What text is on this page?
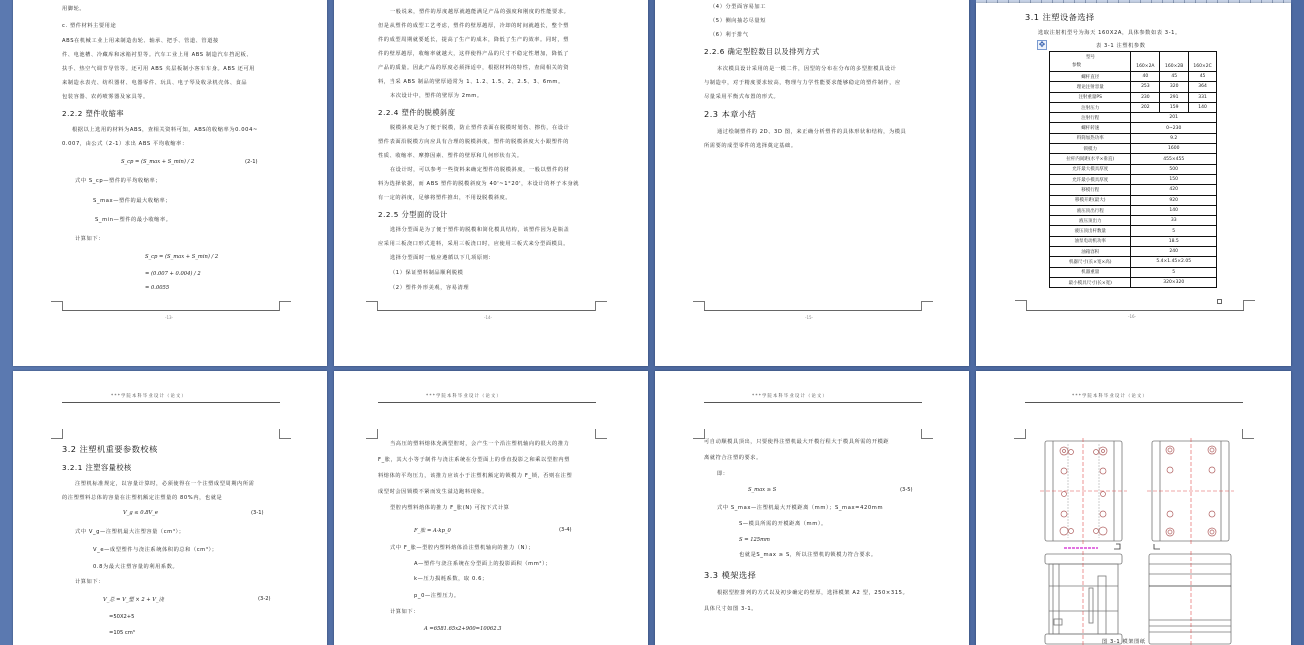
用脚轮。
c. 塑件材料主要用途
ABS在机械工业上用来制造齿轮、轴承、把手、管道、管道接
件、电池槽、冷藏库和冰箱衬里等。汽车工业上用 ABS 制造汽车挡泥板、
扶手、热空气调节导管等。还可用 ABS 夹层板制小客车车身。ABS 还可用
来制造水表壳、纺织器材、电器零件、玩具、电子琴及收录机壳体、食品
包装容器、农药喷雾器及家具等。
2.2.2 塑件收缩率
根据以上选用的材料为ABS，查相关资料可知，ABS的收缩率为0.004~
0.007，由公式（2-1）求出 ABS 平均收缩率：
S_cp = (S_max + S_min) / 2	(2-1)
式中 S_cp—塑件的平均收缩率；
S_max—塑件的最大收缩率；
S_min—塑件的最小收缩率。
计算如下：
S_cp = (S_max + S_min) / 2
= (0.007 + 0.004) / 2
= 0.0055
-13-
一般说来，塑件的厚度越厚就越能满足产品的强度和刚度的性能要求。
但是从塑件的成型工艺考虑，塑件的壁厚越厚，冷却的时间就越长，整个塑
件的成型周期就要延长，提高了生产的成本，降低了生产的效率。同时，塑
件的壁厚越厚，收缩率就越大，这样使得产品的尺寸不稳定性增加，降低了
产品的质量。因此产品的厚度必须择适中，根据材料的特性，查阅相关的资
料，当采 ABS 制品的壁厚通常为 1、1.2、1.5、2、2.5、3、6mm。
本次设计中，塑件的壁厚为 2mm。
2.2.4 塑件的脱模斜度
脱模斜度是为了便于脱模，防止塑件表面在脱模时划伤、擦伤，在设计
塑件表面沿脱模方向应具有合理的脱模斜度，塑件的脱模斜度大小跟塑件的
性质、收缩率、摩擦因素、塑件的壁厚和几何形状有关。
在设计时，可以参考一些资料来确定塑件的脱模斜度，一般以塑件的材
料为选择依据，而 ABS 塑件的脱模斜度为 40'~1°20'，本设计的杯子本身就
有一定的斜度，足够将塑件推出，不用设脱模斜度。
2.2.5 分型面的设计
选择分型面是为了便于塑件的脱模和简化模具结构，该塑件因为是瓶盖
应采用三板浇口形式进料，采用三板浇口时，应使用三板式来分型面模具。
选择分型面时一般应遵循以下几项原则：
（1）保证塑料制品顺利脱模
（2）塑件外形美观，容易清理
-14-
（4）分型面容易加工
（5）侧向抽芯尽量短
（6）利于排气
2.2.6 确定型腔数目以及排列方式
本次模具设计采用的是一模二件，因型的分布在分布的多型腔模具设计
与制造中，对于精度要求较高，物理与力学性能要求能够稳定的塑件制作，应
尽量采用平衡式布置的形式。
2.3 本章小结
通过绘制塑件的 2D、3D 图，来正确分析塑件的具体形状和结构，为模具
所需要的成型零件的选择奠定基础。
-15-
3.1 注塑设备选择
选取注射机型号为海天 160X2A，具体参数如表 3-1。
✥	表 3-1 注塑机参数
型号
参数	160×2A	160×2B	160×2C
螺杆直径	40	45	45
理论注射容量	253	320	364
注射重量PS	230	291	331
注射压力	202	159	140
注射行程	201		
螺杆转速	0~230		
料筒加热功率	9.2		
锁模力	1600		
拉杆内间距(水平×垂直)	455×455		
允许最大模具厚度	500		
允许最小模具厚度	150		
移模行程	420		
移模开距(最大)	920		
液压顶出行程	140		
液压顶出力	33		
液压顶出杆数量	5		
油泵电动机功率	18.5		
油箱容积	240		
机器尺寸(长×宽×高)	5.4×1.45×2.05		
机器重量	5		
最小模具尺寸(长×宽)	320×320		
-16-
***学院本科毕业设计（论文）
3.2 注塑机重要参数校核
3.2.1 注塑容量校核
注塑机标准规定，以容量计算时，必须使得在一个注塑成型周期内所需
的注塑塑料总体的容量在注塑机额定注塑量的 80%内，也就是
V_g ≤ 0.8V_e	(3-1)
式中 V_g—注塑机最大注塑容量（cm³）；
V_e—成型塑件与浇注系统体积的总和（cm³）；
0.8为最大注塑容量的利用系数。
计算如下：
V_总 = V_塑 × 2 + V_浇	(3-2)
=50X2+5
=105 cm³
***学院本科毕业设计（论文）
当高压的塑料熔体充满型腔时，会产生一个沿注塑机轴向的很大的推力
F_胀，其大小等于制件与浇注系统在分型面上的垂直投影之和乘以型腔内塑
料熔体的平均压力，该推力应该小于注塑机额定的锁模力 F_锁，否则在注塑
成型时会因锁模不紧而发生溢边跑料现象。
型腔内塑料熔体的推力 F_胀(N) 可按下式计算
F_胀 = A·kp_0	(3-4)
式中 F_胀—型腔内塑料熔体沿注塑机轴向的推力（N）；
A—塑件与浇注系统在分型面上的投影面积（mm²）；
k—压力损耗系数，取 0.6；
p_0—注塑压力。
计算如下：
A =6581.65x2+900=10062.3
***学院本科毕业设计（论文）
可自动顺模具顶出，只要使得注塑机最大开模行程大于模具所需的开模距
离就符合注塑的要求。
即：
S_max ≥ S	(3-5)
式中 S_max—注塑机最大开模距离（mm）；S_max=420mm
S—模具所需的开模距离（mm）。
S = 125mm
也就是S_max ≥ S，所以注塑机的锁模力符合要求。
3.3 模架选择
根据型腔排列的方式以及初步确定的壁厚，选择模架 A2 型，250×315。
具体尺寸如图 3-1。
***学院本科毕业设计（论文）
图 3-1 模架图纸
